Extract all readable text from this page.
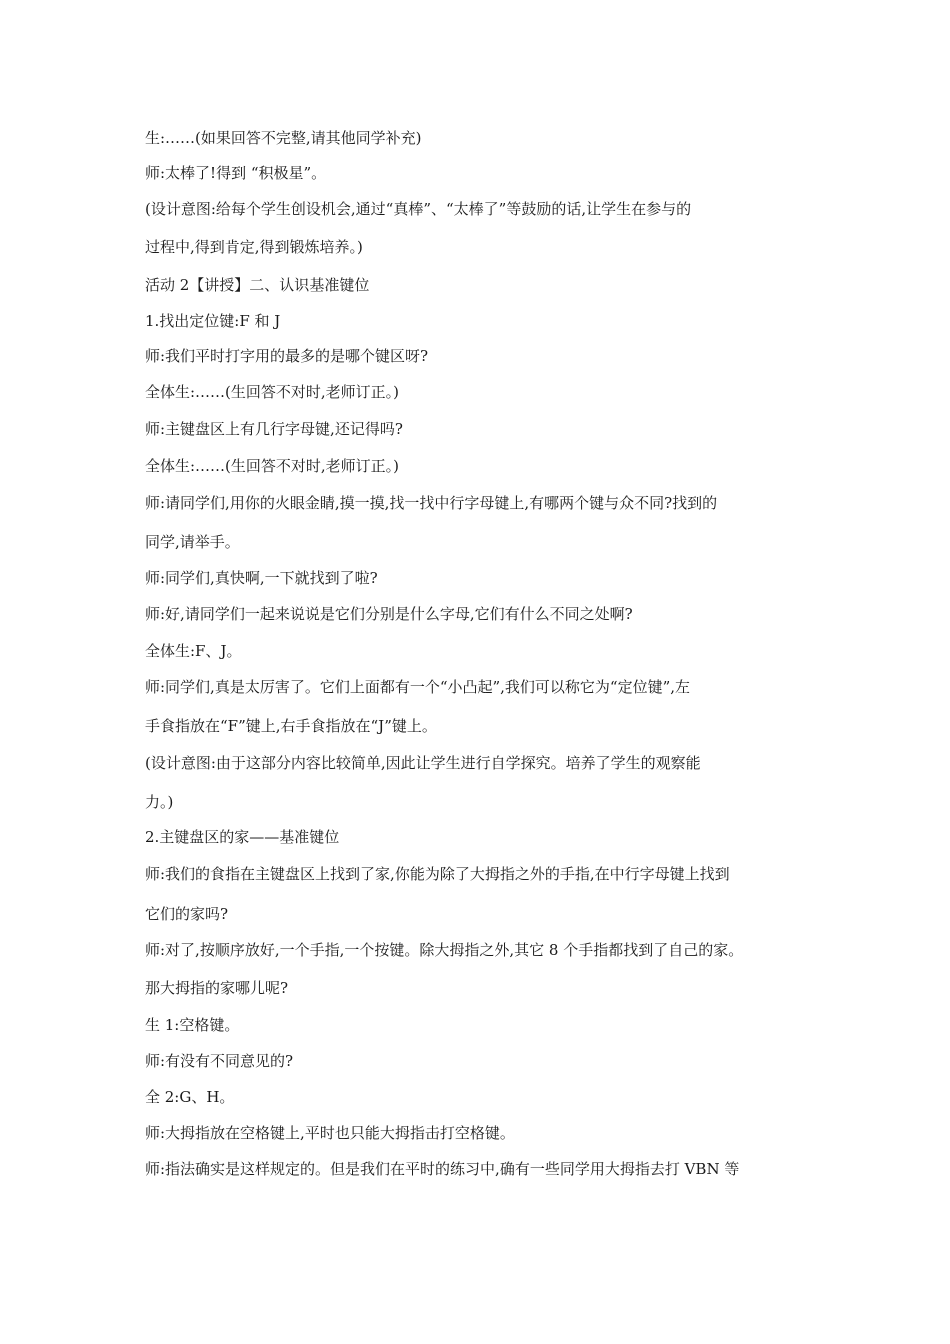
生:……(如果回答不完整,请其他同学补充)
师:太棒了!得到 “积极星”。
(设计意图:给每个学生创设机会,通过“真棒”、“太棒了”等鼓励的话,让学生在参与的
过程中,得到肯定,得到锻炼培养。)
活动 2【讲授】二、认识基准键位
1.找出定位键:F 和 J
师:我们平时打字用的最多的是哪个键区呀?
全体生:……(生回答不对时,老师订正。)
师:主键盘区上有几行字母键,还记得吗?
全体生:……(生回答不对时,老师订正。)
师:请同学们,用你的火眼金睛,摸一摸,找一找中行字母键上,有哪两个键与众不同?找到的
同学,请举手。
师:同学们,真快啊,一下就找到了啦?
师:好,请同学们一起来说说是它们分别是什么字母,它们有什么不同之处啊?
全体生:F、J。
师:同学们,真是太厉害了。它们上面都有一个“小凸起”,我们可以称它为“定位键”,左
手食指放在“F”键上,右手食指放在“J”键上。
(设计意图:由于这部分内容比较简单,因此让学生进行自学探究。培养了学生的观察能
力。)
2.主键盘区的家——基准键位
师:我们的食指在主键盘区上找到了家,你能为除了大拇指之外的手指,在中行字母键上找到
它们的家吗?
师:对了,按顺序放好,一个手指,一个按键。除大拇指之外,其它 8 个手指都找到了自己的家。
那大拇指的家哪儿呢?
生 1:空格键。
师:有没有不同意见的?
全 2:G、H。
师:大拇指放在空格键上,平时也只能大拇指击打空格键。
师:指法确实是这样规定的。但是我们在平时的练习中,确有一些同学用大拇指去打 VBN 等
